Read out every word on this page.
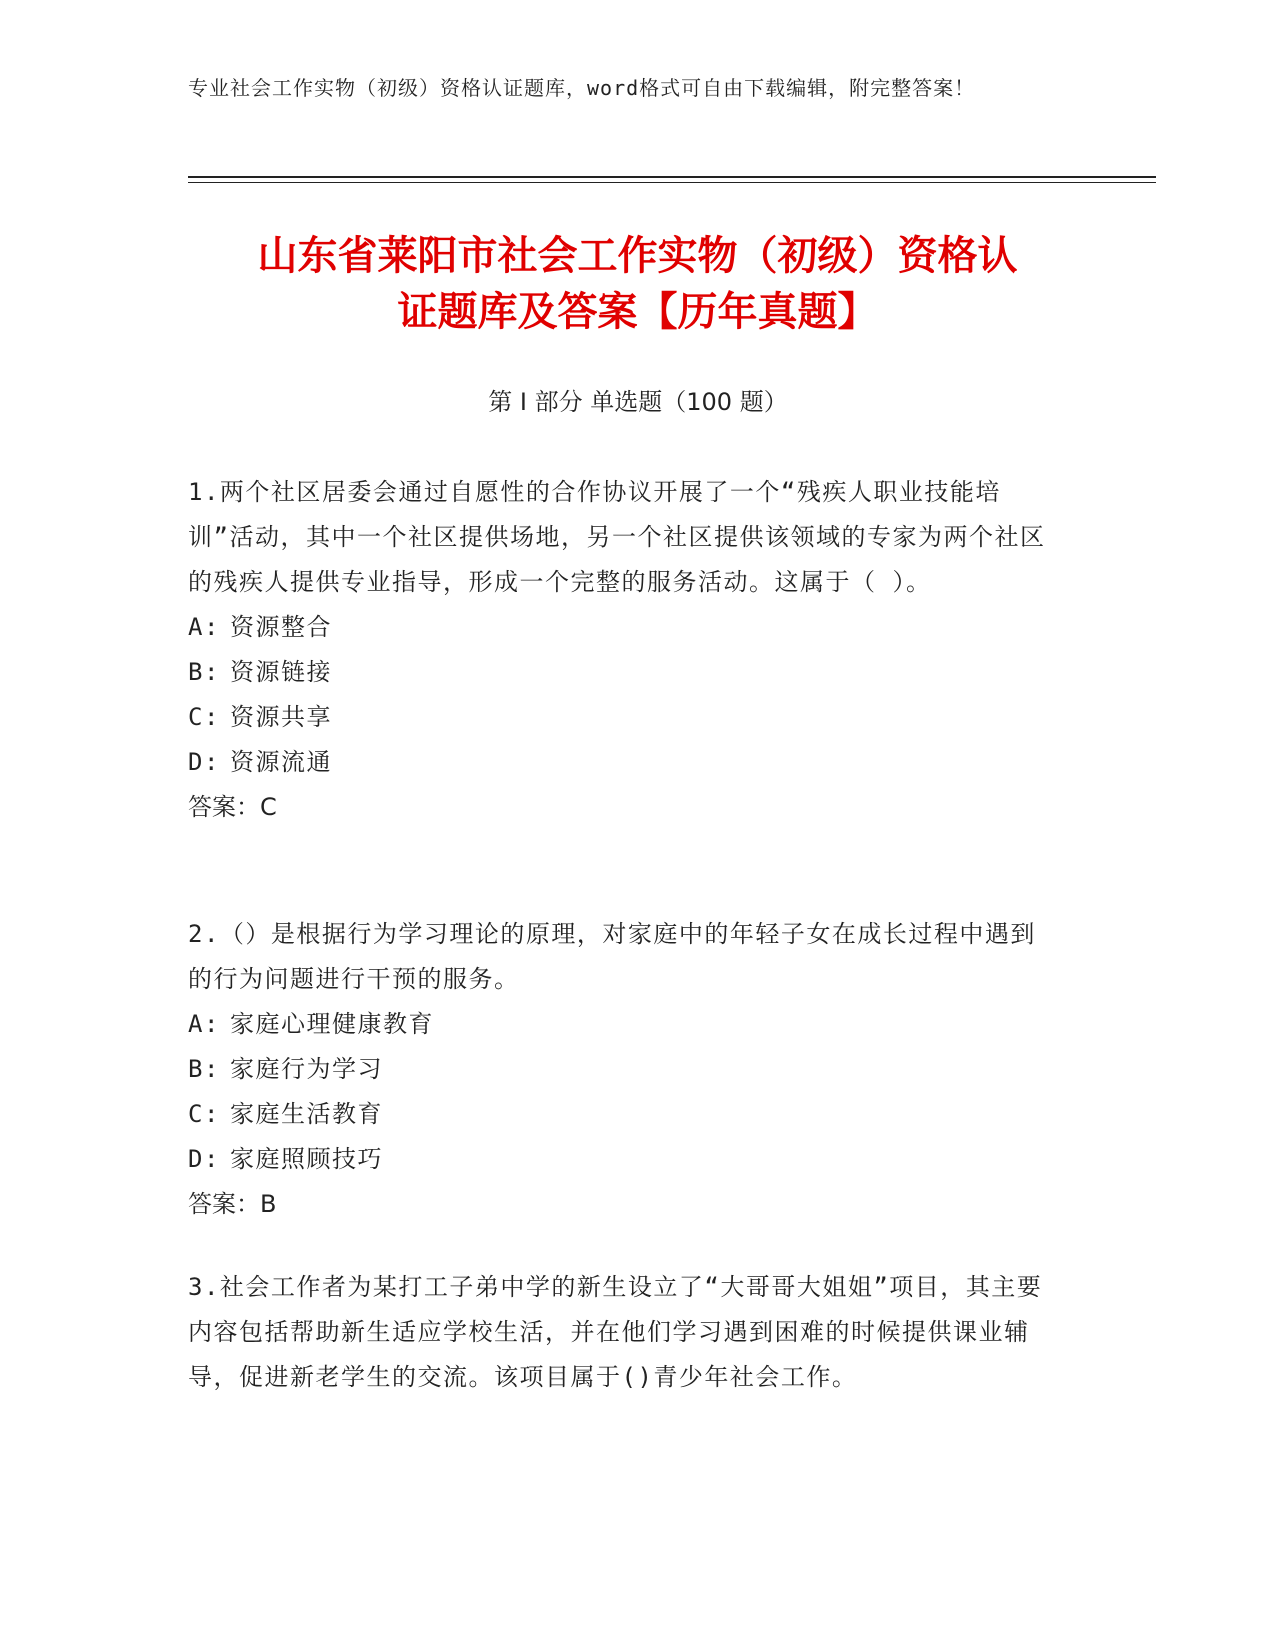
专业社会工作实物（初级）资格认证题库，word格式可自由下载编辑，附完整答案！
山东省莱阳市社会工作实物（初级）资格认
证题库及答案【历年真题】
第 I 部分 单选题（100 题）

1.两个社区居委会通过自愿性的合作协议开展了一个“残疾人职业技能培训”活动，其中一个社区提供场地，另一个社区提供该领域的专家为两个社区的残疾人提供专业指导，形成一个完整的服务活动。这属于（ ）。

A: 资源整合

B: 资源链接

C: 资源共享

D: 资源流通

答案：C

2.（）是根据行为学习理论的原理，对家庭中的年轻子女在成长过程中遇到的行为问题进行干预的服务。

A: 家庭心理健康教育

B: 家庭行为学习

C: 家庭生活教育

D: 家庭照顾技巧

答案：B

3.社会工作者为某打工子弟中学的新生设立了“大哥哥大姐姐”项目，其主要内容包括帮助新生适应学校生活，并在他们学习遇到困难的时候提供课业辅导，促进新老学生的交流。该项目属于()青少年社会工作。
